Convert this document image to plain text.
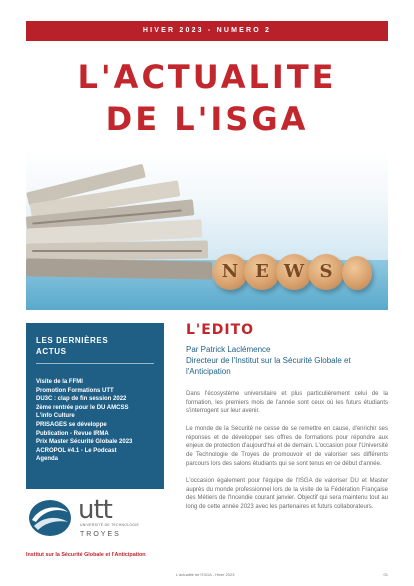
HIVER 2023 - NUMERO 2
L'ACTUALITE
DE L'ISGA
N E W S
LES DERNIÈRES
ACTUS
Visite de la FFMI
Promotion Formations UTT
DU3C : clap de fin session 2022
2ème rentrée pour le DU AMCSS
L'info Culture
PRISAGES se développe
Publication - Revue IRMA
Prix Master Sécurité Globale 2023
ACROPOL #4.1 - Le Podcast
Agenda
utt
UNIVERSITÉ DE TECHNOLOGIE
TROYES
Institut sur la Sécurité Globale et l'Anticipation
L'EDITO
Par Patrick Laclémence
Directeur de l'Institut sur la Sécurité Globale et l'Anticipation

Dans l'écosystème universitaire et plus particulièrement celui de la formation, les premiers mois de l'année sont ceux où les futurs étudiants s'interrogent sur leur avenir.

Le monde de la Sécurité ne cesse de se remettre en cause, d'enrichir ses réponses et de développer ses offres de formations pour répondre aux enjeux de protection d'aujourd'hui et de demain. L'occasion pour l'Université de Technologie de Troyes de promouvoir et de valoriser ses différents parcours lors des salons étudiants qui se sont tenus en ce début d'année.

L'occasion également pour l'équipe de l'ISGA de valoriser DU et Master auprès du monde professionnel lors de la visite de la Fédération Française des Métiers de l'Incendie courant janvier. Objectif qui sera maintenu tout au long de cette année 2023 avec les partenaires et futurs collaborateurs.

L'actualité de l'ISGA - Hiver 2023	01
